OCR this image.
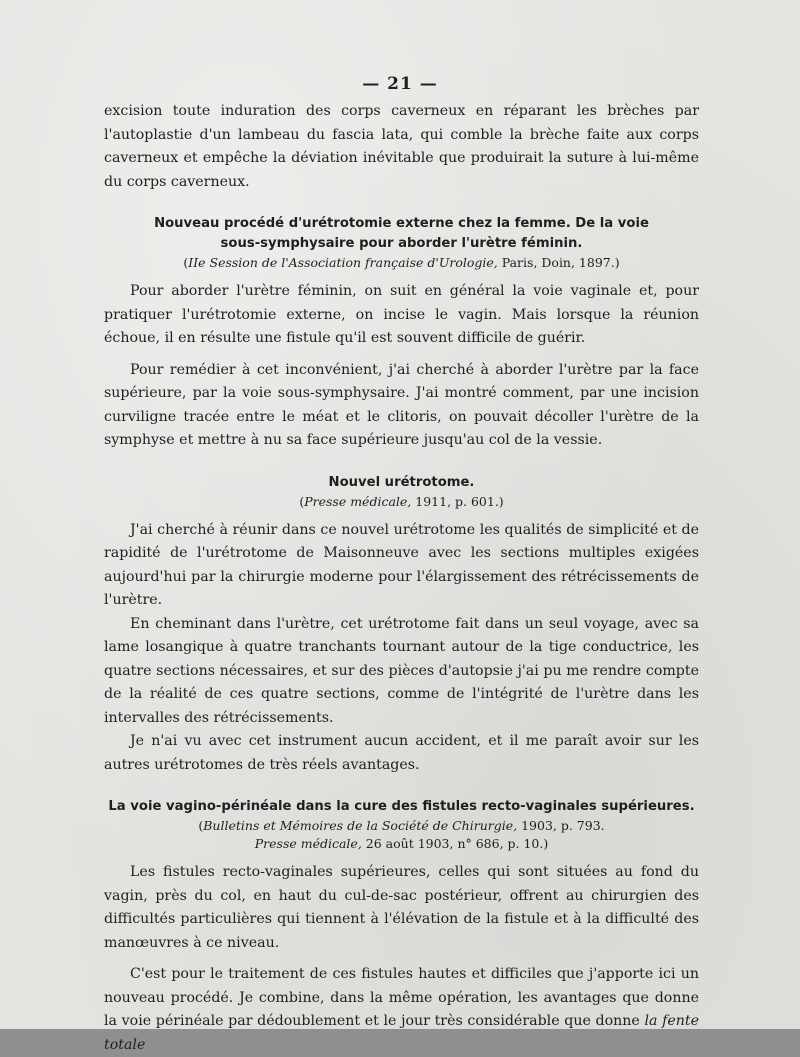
— 21 —

excision toute induration des corps caverneux en réparant les brèches par l'autoplastie d'un lambeau du fascia lata, qui comble la brèche faite aux corps caverneux et empêche la déviation inévitable que produirait la suture à lui-même du corps caverneux.

Nouveau procédé d'urétrotomie externe chez la femme. De la voie
sous-symphysaire pour aborder l'urètre féminin.
(IIe Session de l'Association française d'Urologie, Paris, Doin, 1897.)

Pour aborder l'urètre féminin, on suit en général la voie vaginale et, pour pratiquer l'urétrotomie externe, on incise le vagin. Mais lorsque la réunion échoue, il en résulte une fistule qu'il est souvent difficile de guérir.

Pour remédier à cet inconvénient, j'ai cherché à aborder l'urètre par la face supérieure, par la voie sous-symphysaire. J'ai montré comment, par une incision curviligne tracée entre le méat et le clitoris, on pouvait décoller l'urètre de la symphyse et mettre à nu sa face supérieure jusqu'au col de la vessie.

Nouvel urétrotome.
(Presse médicale, 1911, p. 601.)

J'ai cherché à réunir dans ce nouvel urétrotome les qualités de simplicité et de rapidité de l'urétrotome de Maisonneuve avec les sections multiples exigées aujourd'hui par la chirurgie moderne pour l'élargissement des rétrécissements de l'urètre.

En cheminant dans l'urètre, cet urétrotome fait dans un seul voyage, avec sa lame losangique à quatre tranchants tournant autour de la tige conductrice, les quatre sections nécessaires, et sur des pièces d'autopsie j'ai pu me rendre compte de la réalité de ces quatre sections, comme de l'intégrité de l'urètre dans les intervalles des rétrécissements.

Je n'ai vu avec cet instrument aucun accident, et il me paraît avoir sur les autres urétrotomes de très réels avantages.

La voie vagino-périnéale dans la cure des fistules recto-vaginales supérieures.
(Bulletins et Mémoires de la Société de Chirurgie, 1903, p. 793.
Presse médicale, 26 août 1903, n° 686, p. 10.)

Les fistules recto-vaginales supérieures, celles qui sont situées au fond du vagin, près du col, en haut du cul-de-sac postérieur, offrent au chirurgien des difficultés particulières qui tiennent à l'élévation de la fistule et à la difficulté des manœuvres à ce niveau.

C'est pour le traitement de ces fistules hautes et difficiles que j'apporte ici un nouveau procédé. Je combine, dans la même opération, les avantages que donne la voie périnéale par dédoublement et le jour très considérable que donne la fente totale
